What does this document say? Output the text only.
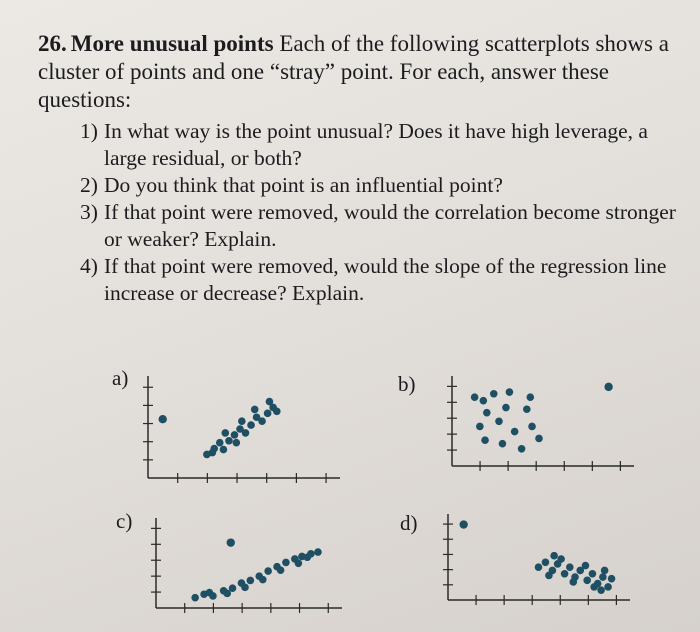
26. More unusual points Each of the following scatterplots shows a cluster of points and one “stray” point. For each, answer these questions:

1) In what way is the point unusual? Does it have high leverage, a large residual, or both?

2) Do you think that point is an influential point?

3) If that point were removed, would the correlation become stronger or weaker? Explain.

4) If that point were removed, would the slope of the regression line increase or decrease? Explain.

a)	b)
c)	d)
